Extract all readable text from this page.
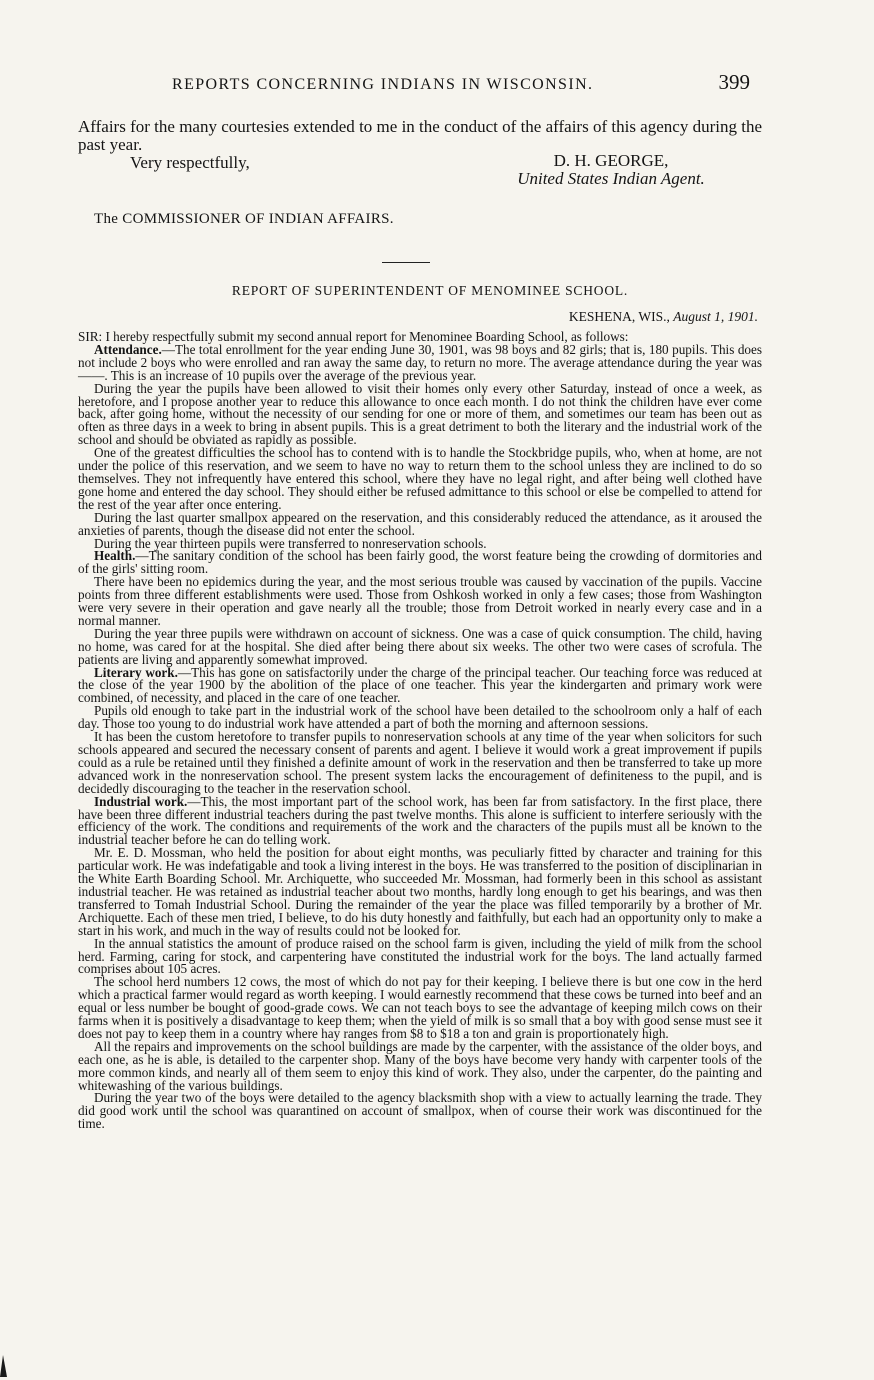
REPORTS CONCERNING INDIANS IN WISCONSIN.	399

Affairs for the many courtesies extended to me in the conduct of the affairs of this agency during the past year.

Very respectfully,	D. H. GEORGE,
United States Indian Agent.
The COMMISSIONER OF INDIAN AFFAIRS.
REPORT OF SUPERINTENDENT OF MENOMINEE SCHOOL.
KESHENA, WIS., August 1, 1901.

SIR: I hereby respectfully submit my second annual report for Menominee Boarding School, as follows:

Attendance.—The total enrollment for the year ending June 30, 1901, was 98 boys and 82 girls; that is, 180 pupils. This does not include 2 boys who were enrolled and ran away the same day, to return no more. The average attendance during the year was ——. This is an increase of 10 pupils over the average of the previous year.

During the year the pupils have been allowed to visit their homes only every other Saturday, instead of once a week, as heretofore, and I propose another year to reduce this allowance to once each month. I do not think the children have ever come back, after going home, without the necessity of our sending for one or more of them, and sometimes our team has been out as often as three days in a week to bring in absent pupils. This is a great detriment to both the literary and the industrial work of the school and should be obviated as rapidly as possible.

One of the greatest difficulties the school has to contend with is to handle the Stockbridge pupils, who, when at home, are not under the police of this reservation, and we seem to have no way to return them to the school unless they are inclined to do so themselves. They not infrequently have entered this school, where they have no legal right, and after being well clothed have gone home and entered the day school. They should either be refused admittance to this school or else be compelled to attend for the rest of the year after once entering.

During the last quarter smallpox appeared on the reservation, and this considerably reduced the attendance, as it aroused the anxieties of parents, though the disease did not enter the school.

During the year thirteen pupils were transferred to nonreservation schools.

Health.—The sanitary condition of the school has been fairly good, the worst feature being the crowding of dormitories and of the girls' sitting room.

There have been no epidemics during the year, and the most serious trouble was caused by vaccination of the pupils. Vaccine points from three different establishments were used. Those from Oshkosh worked in only a few cases; those from Washington were very severe in their operation and gave nearly all the trouble; those from Detroit worked in nearly every case and in a normal manner.

During the year three pupils were withdrawn on account of sickness. One was a case of quick consumption. The child, having no home, was cared for at the hospital. She died after being there about six weeks. The other two were cases of scrofula. The patients are living and apparently somewhat improved.

Literary work.—This has gone on satisfactorily under the charge of the principal teacher. Our teaching force was reduced at the close of the year 1900 by the abolition of the place of one teacher. This year the kindergarten and primary work were combined, of necessity, and placed in the care of one teacher.

Pupils old enough to take part in the industrial work of the school have been detailed to the schoolroom only a half of each day. Those too young to do industrial work have attended a part of both the morning and afternoon sessions.

It has been the custom heretofore to transfer pupils to nonreservation schools at any time of the year when solicitors for such schools appeared and secured the necessary consent of parents and agent. I believe it would work a great improvement if pupils could as a rule be retained until they finished a definite amount of work in the reservation and then be transferred to take up more advanced work in the nonreservation school. The present system lacks the encouragement of definiteness to the pupil, and is decidedly discouraging to the teacher in the reservation school.

Industrial work.—This, the most important part of the school work, has been far from satisfactory. In the first place, there have been three different industrial teachers during the past twelve months. This alone is sufficient to interfere seriously with the efficiency of the work. The conditions and requirements of the work and the characters of the pupils must all be known to the industrial teacher before he can do telling work.

Mr. E. D. Mossman, who held the position for about eight months, was peculiarly fitted by character and training for this particular work. He was indefatigable and took a living interest in the boys. He was transferred to the position of disciplinarian in the White Earth Boarding School. Mr. Archiquette, who succeeded Mr. Mossman, had formerly been in this school as assistant industrial teacher. He was retained as industrial teacher about two months, hardly long enough to get his bearings, and was then transferred to Tomah Industrial School. During the remainder of the year the place was filled temporarily by a brother of Mr. Archiquette. Each of these men tried, I believe, to do his duty honestly and faithfully, but each had an opportunity only to make a start in his work, and much in the way of results could not be looked for.

In the annual statistics the amount of produce raised on the school farm is given, including the yield of milk from the school herd. Farming, caring for stock, and carpentering have constituted the industrial work for the boys. The land actually farmed comprises about 105 acres.

The school herd numbers 12 cows, the most of which do not pay for their keeping. I believe there is but one cow in the herd which a practical farmer would regard as worth keeping. I would earnestly recommend that these cows be turned into beef and an equal or less number be bought of good-grade cows. We can not teach boys to see the advantage of keeping milch cows on their farms when it is positively a disadvantage to keep them; when the yield of milk is so small that a boy with good sense must see it does not pay to keep them in a country where hay ranges from $8 to $18 a ton and grain is proportionately high.

All the repairs and improvements on the school buildings are made by the carpenter, with the assistance of the older boys, and each one, as he is able, is detailed to the carpenter shop. Many of the boys have become very handy with carpenter tools of the more common kinds, and nearly all of them seem to enjoy this kind of work. They also, under the carpenter, do the painting and whitewashing of the various buildings.

During the year two of the boys were detailed to the agency blacksmith shop with a view to actually learning the trade. They did good work until the school was quarantined on account of smallpox, when of course their work was discontinued for the time.
